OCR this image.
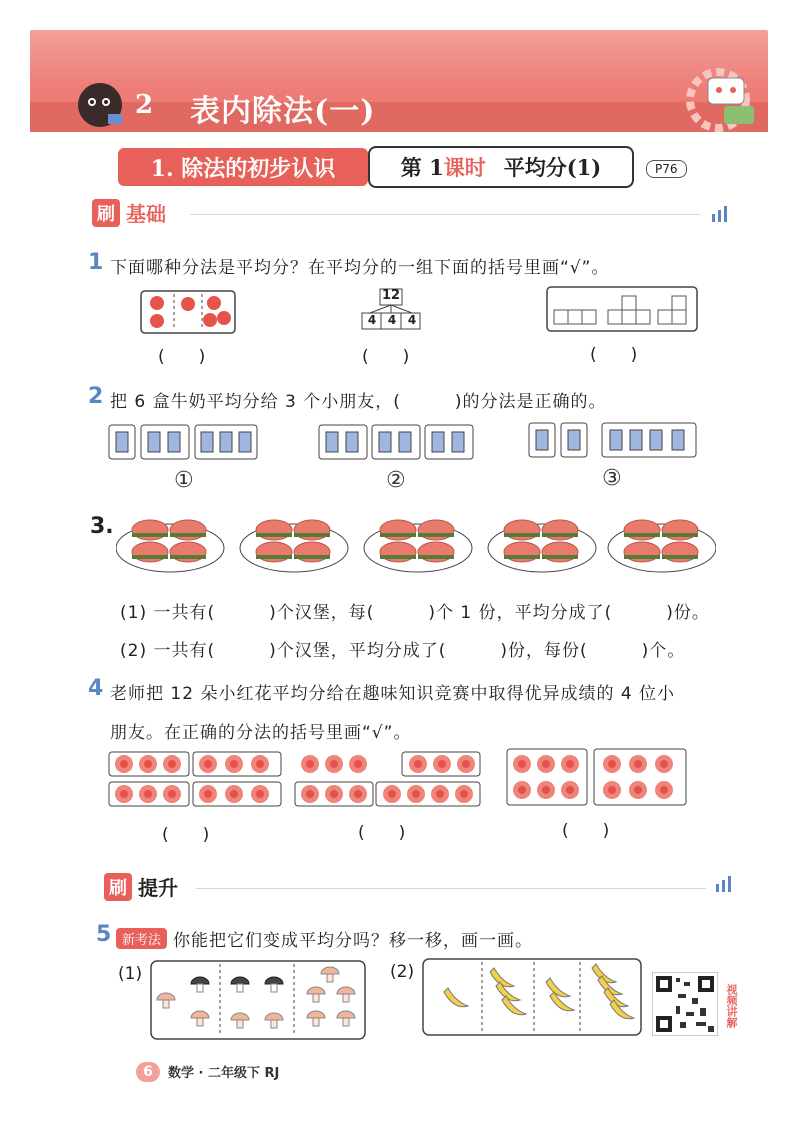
2 表内除法(一)
1. 除法的初步认识	第 1 课时 平均分(1)	P76
刷 基础
1 下面哪种分法是平均分？在平均分的一组下面的括号里画“√”。
12
4 4 4
(　　)	(　　)	(　　)
2 把 6 盒牛奶平均分给 3 个小朋友，(　　　)的分法是正确的。
①	②	③
3.
(1) 一共有(　　　)个汉堡，每(　　　)个 1 份，平均分成了(　　　)份。
(2) 一共有(　　　)个汉堡，平均分成了(　　　)份，每份(　　　)个。
4 老师把 12 朵小红花平均分给在趣味知识竞赛中取得优异成绩的 4 位小
朋友。在正确的分法的括号里画“√”。
(　　)	(　　)	(　　)
刷 提升
5 新考法 你能把它们变成平均分吗？移一移，画一画。
(1)	(2)
视频讲解
6	数学 · 二年级下 RJ
